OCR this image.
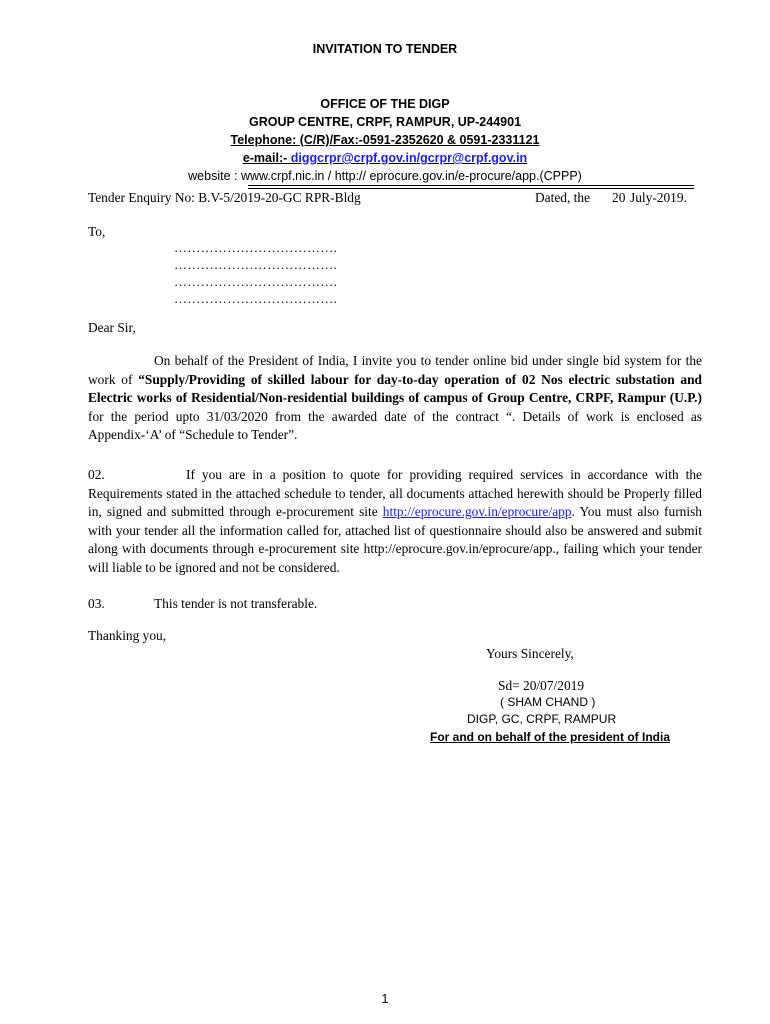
INVITATION TO TENDER
OFFICE OF THE DIGP
GROUP CENTRE, CRPF, RAMPUR, UP-244901
Telephone: (C/R)/Fax:-0591-2352620 & 0591-2331121
e-mail:- diggcrpr@crpf.gov.in/gcrpr@crpf.gov.in
website : www.crpf.nic.in / http:// eprocure.gov.in/e-procure/app.(CPPP)
Tender Enquiry No: B.V-5/2019-20-GC RPR-Bldg	Dated, the 20 July-2019.
To,
……………………………….
……………………………….
……………………………….
……………………………….
Dear Sir,

On behalf of the President of India, I invite you to tender online bid under single bid system for the work of “Supply/Providing of skilled labour for day-to-day operation of 02 Nos electric substation and Electric works of Residential/Non-residential buildings of campus of Group Centre, CRPF, Rampur (U.P.) for the period upto 31/03/2020 from the awarded date of the contract “. Details of work is enclosed as Appendix-‘A’ of “Schedule to Tender”.

02.	If you are in a position to quote for providing required services in accordance with the Requirements stated in the attached schedule to tender, all documents attached herewith should be Properly filled in, signed and submitted through e-procurement site http://eprocure.gov.in/eprocure/app. You must also furnish with your tender all the information called for, attached list of questionnaire should also be answered and submit along with documents through e-procurement site http://eprocure.gov.in/eprocure/app., failing which your tender will liable to be ignored and not be considered.

03.	This tender is not transferable.
Thanking you,
Yours Sincerely,
Sd= 20/07/2019
( SHAM CHAND )
DIGP, GC, CRPF, RAMPUR
For and on behalf of the president of India
1
